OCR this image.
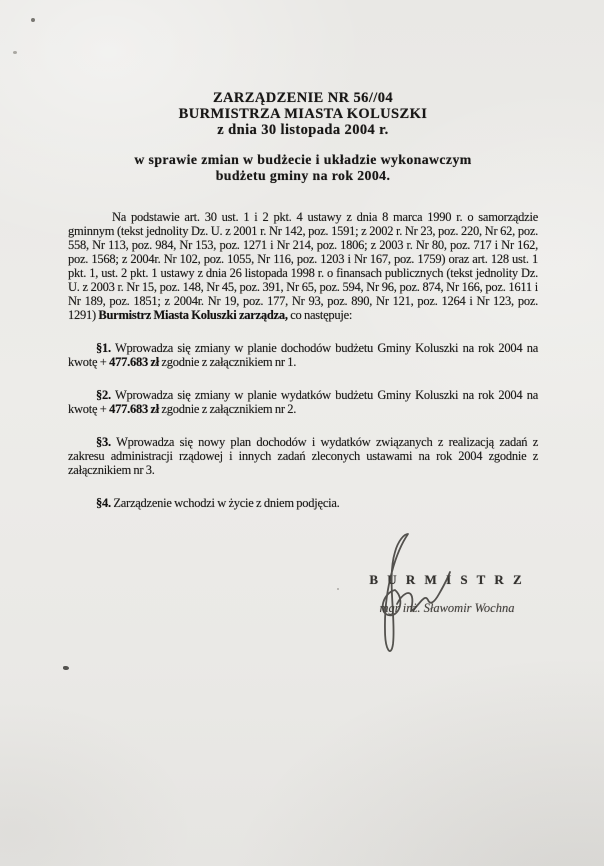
ZARZĄDZENIE NR 56//04
BURMISTRZA MIASTA KOLUSZKI
z dnia 30 listopada 2004 r.
w sprawie zmian w budżecie i układzie wykonawczym
budżetu gminy na rok 2004.

Na podstawie art. 30 ust. 1 i 2 pkt. 4 ustawy z dnia 8 marca 1990 r. o samorządzie gminnym (tekst jednolity Dz. U. z 2001 r. Nr 142, poz. 1591; z 2002 r. Nr 23, poz. 220, Nr 62, poz. 558, Nr 113, poz. 984, Nr 153, poz. 1271 i Nr 214, poz. 1806; z 2003 r. Nr 80, poz. 717 i Nr 162, poz. 1568; z 2004r. Nr 102, poz. 1055, Nr 116, poz. 1203 i Nr 167, poz. 1759) oraz art. 128 ust. 1 pkt. 1, ust. 2 pkt. 1 ustawy z dnia 26 listopada 1998 r. o finansach publicznych (tekst jednolity Dz. U. z 2003 r. Nr 15, poz. 148, Nr 45, poz. 391, Nr 65, poz. 594, Nr 96, poz. 874, Nr 166, poz. 1611 i Nr 189, poz. 1851; z 2004r. Nr 19, poz. 177, Nr 93, poz. 890, Nr 121, poz. 1264 i Nr 123, poz. 1291) Burmistrz Miasta Koluszki zarządza, co następuje:

§1. Wprowadza się zmiany w planie dochodów budżetu Gminy Koluszki na rok 2004 na kwotę + 477.683 zł zgodnie z załącznikiem nr 1.

§2. Wprowadza się zmiany w planie wydatków budżetu Gminy Koluszki na rok 2004 na kwotę + 477.683 zł zgodnie z załącznikiem nr 2.

§3. Wprowadza się nowy plan dochodów i wydatków związanych z realizacją zadań z zakresu administracji rządowej i innych zadań zleconych ustawami na rok 2004 zgodnie z załącznikiem nr 3.

§4. Zarządzenie wchodzi w życie z dniem podjęcia.

B U R M I S T R Z
mgr inż. Sławomir Wochna
